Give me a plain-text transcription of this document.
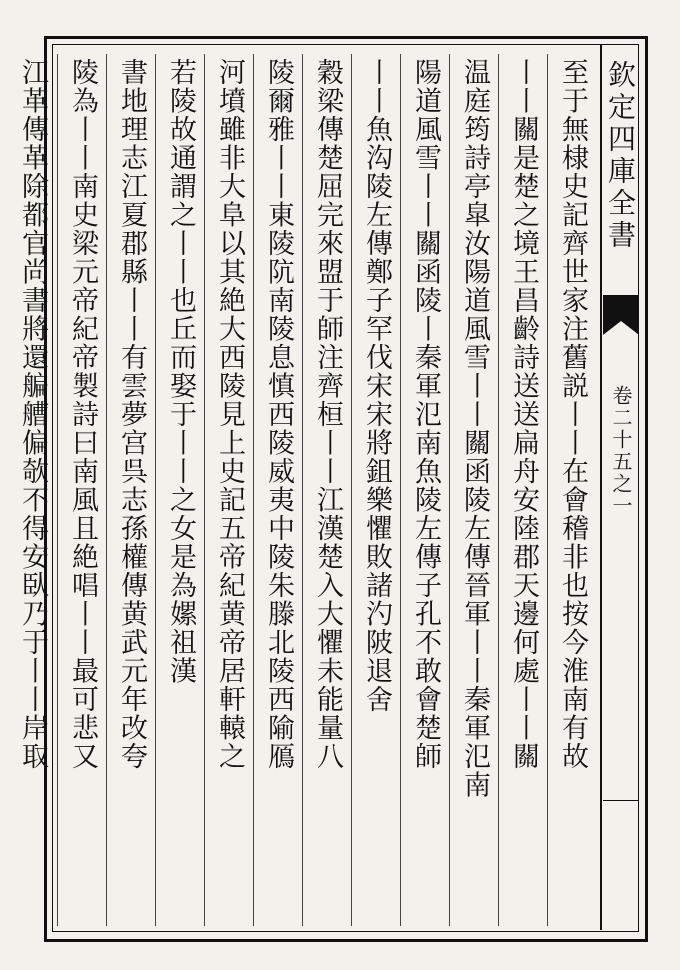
欽定四庫全書
卷二十五之一
至于無棣史記齊世家注舊説丨丨在會稽非也按今淮南有故
丨丨關是楚之境王昌齡詩送送扁舟安陸郡天邊何處丨丨關
温庭筠詩亭皐汝陽道風雪丨丨關函陵左傳晉軍丨丨秦軍氾南
陽道風雪丨丨關函陵丨秦軍氾南魚陵左傳子孔不敢會楚師
丨丨魚沟陵左傳鄭子罕伐宋宋將鉏樂懼敗諸汋陂退舍
穀梁傳楚屈完來盟于師注齊桓丨丨江漢楚入大懼未能量八
陵爾雅丨丨東陵阬南陵息慎西陵威夷中陵朱滕北陵西隃鴈
河墳雖非大阜以其絶大西陵見上史記五帝紀黄帝居軒轅之
若陵故通謂之丨丨也丘而娶于丨丨之女是為嫘祖漢
書地理志江夏郡縣丨丨有雲夢宫呉志孫權傳黄武元年改夸
陵為丨丨南史梁元帝紀帝製詩曰南風且絶唱丨丨最可悲又
江革傳革除都官尚書將還艑艚偏欹不得安臥乃于丨丨岸取
